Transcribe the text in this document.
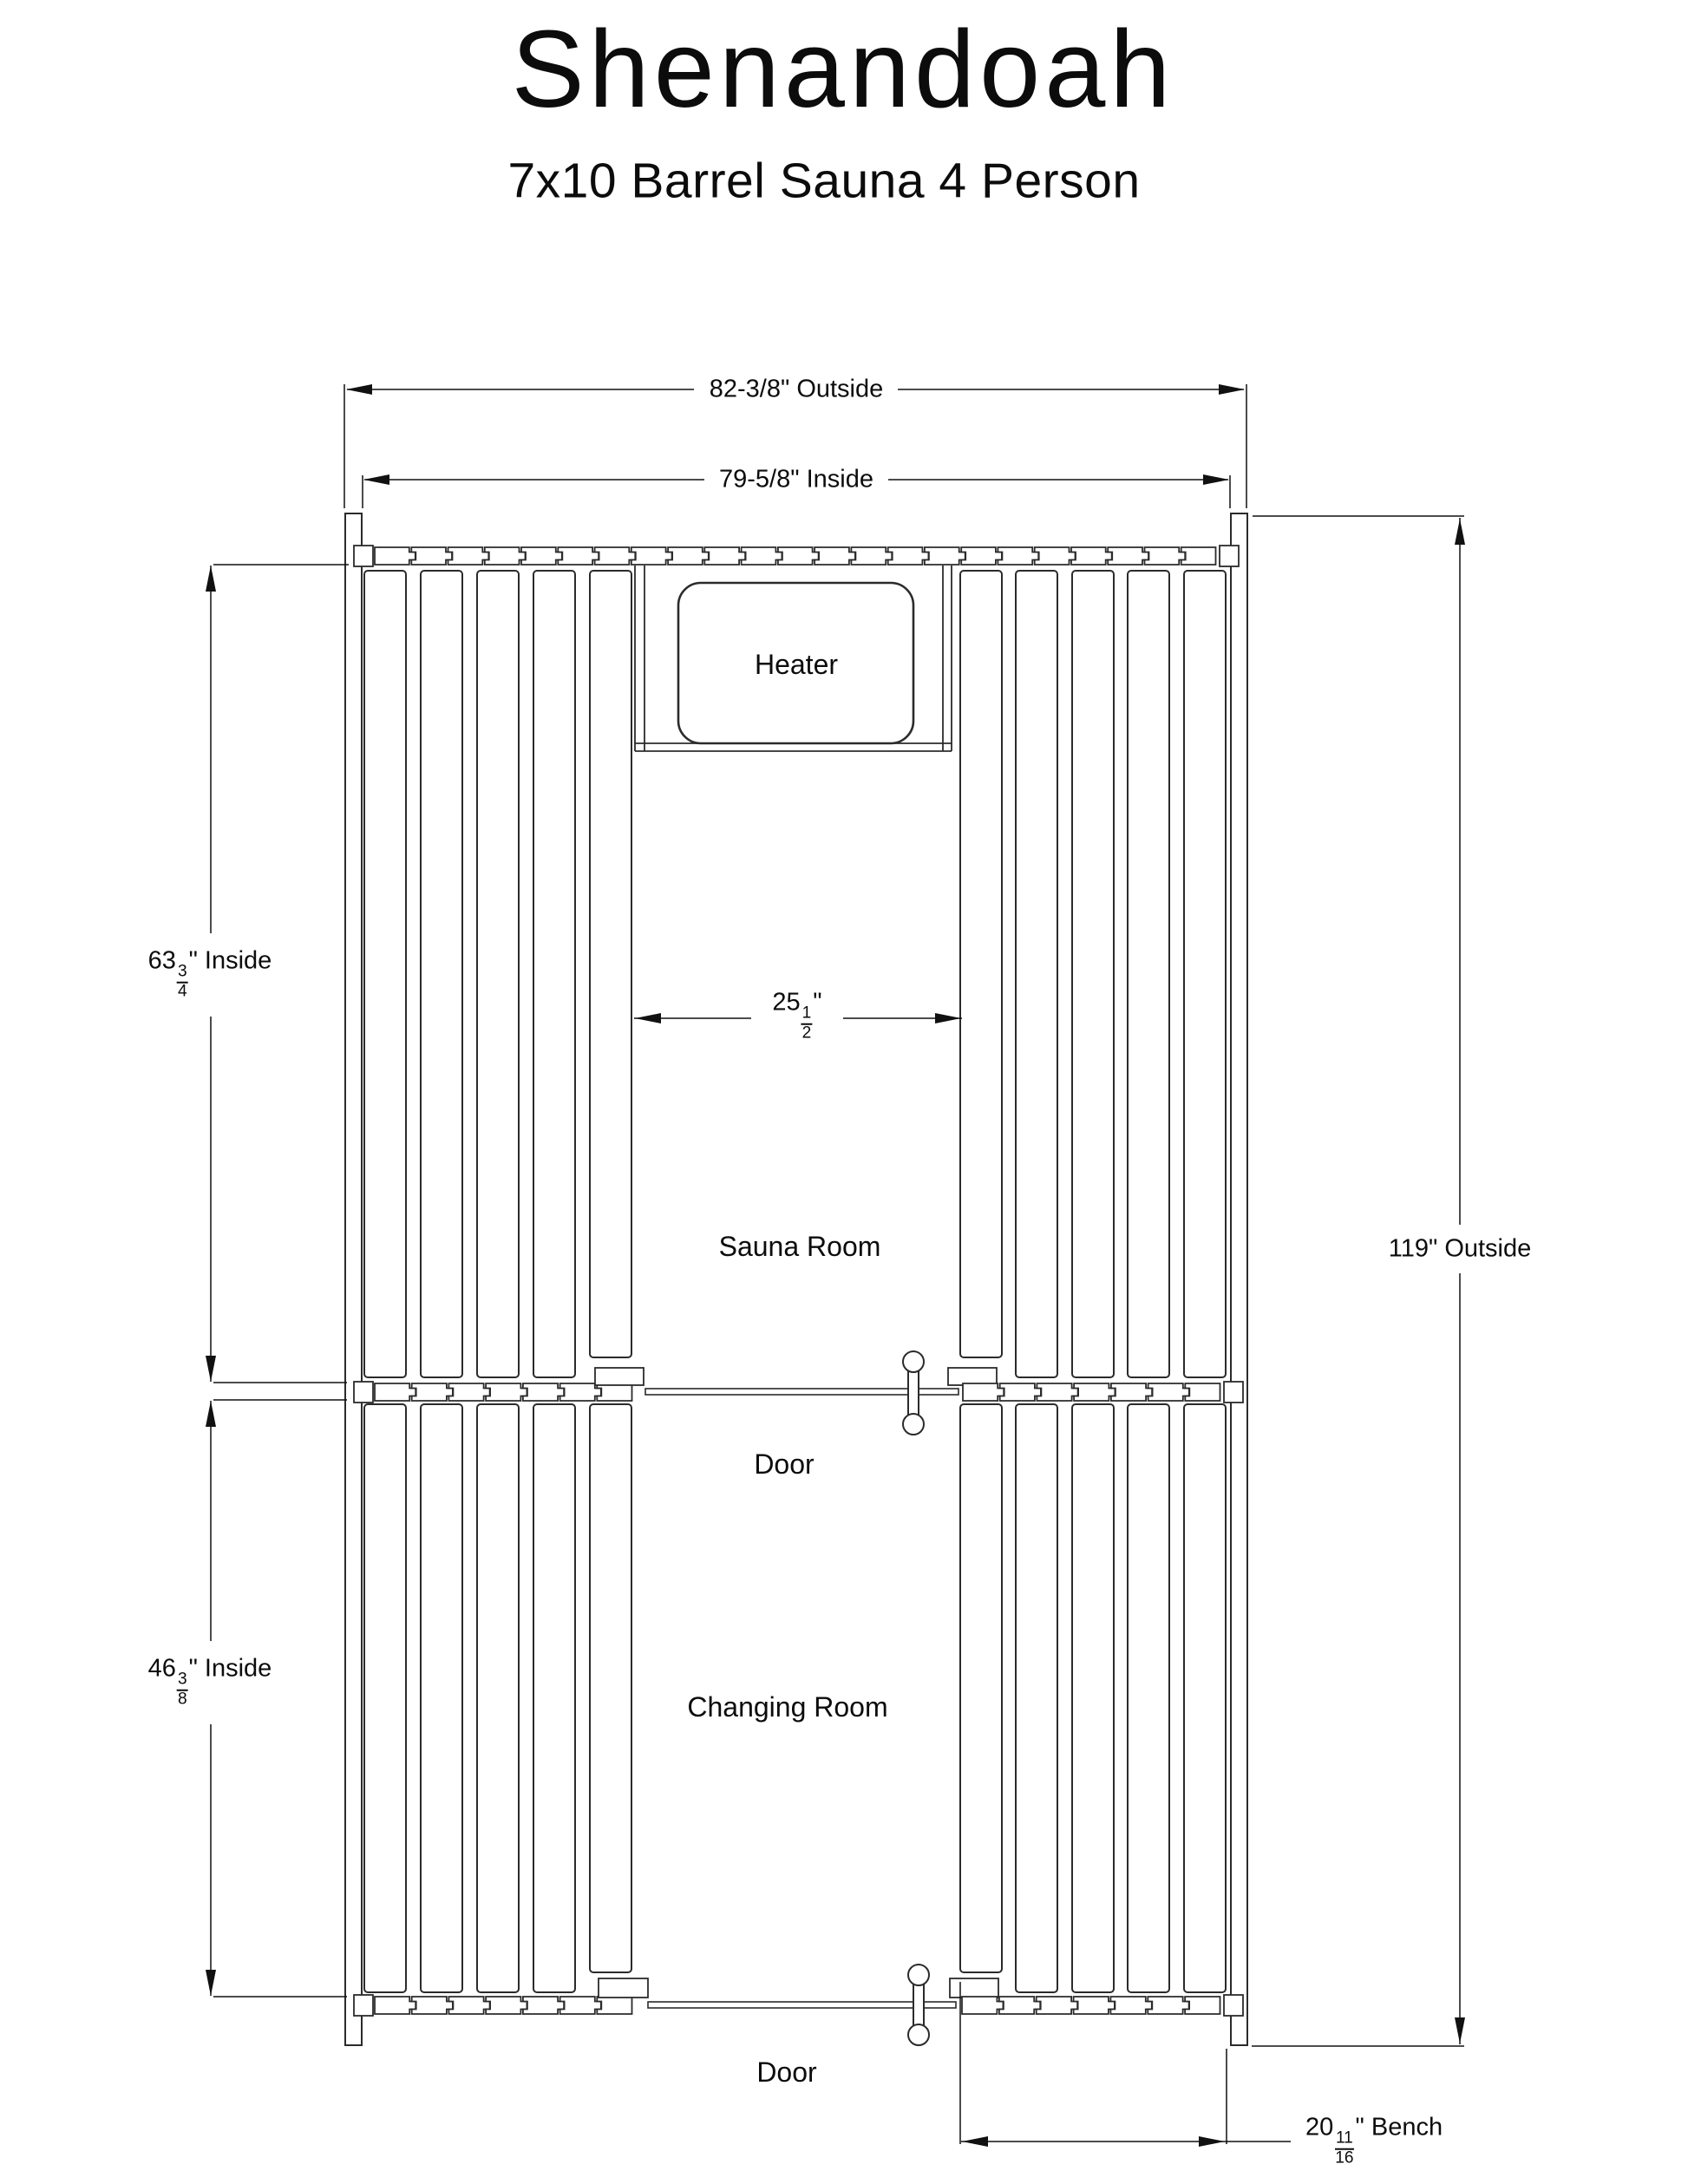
Shenandoah
7x10 Barrel Sauna 4 Person
Heater
Sauna Room
Door
Changing Room
Door
82-3/8" Outside
79-5/8" Inside
119" Outside
63
$\frac{3}{4}$
" Inside
46
$\frac{3}{8}$
" Inside
25
$\frac{1}{2}$
"
20
$\frac{11}{16}$
" Bench
